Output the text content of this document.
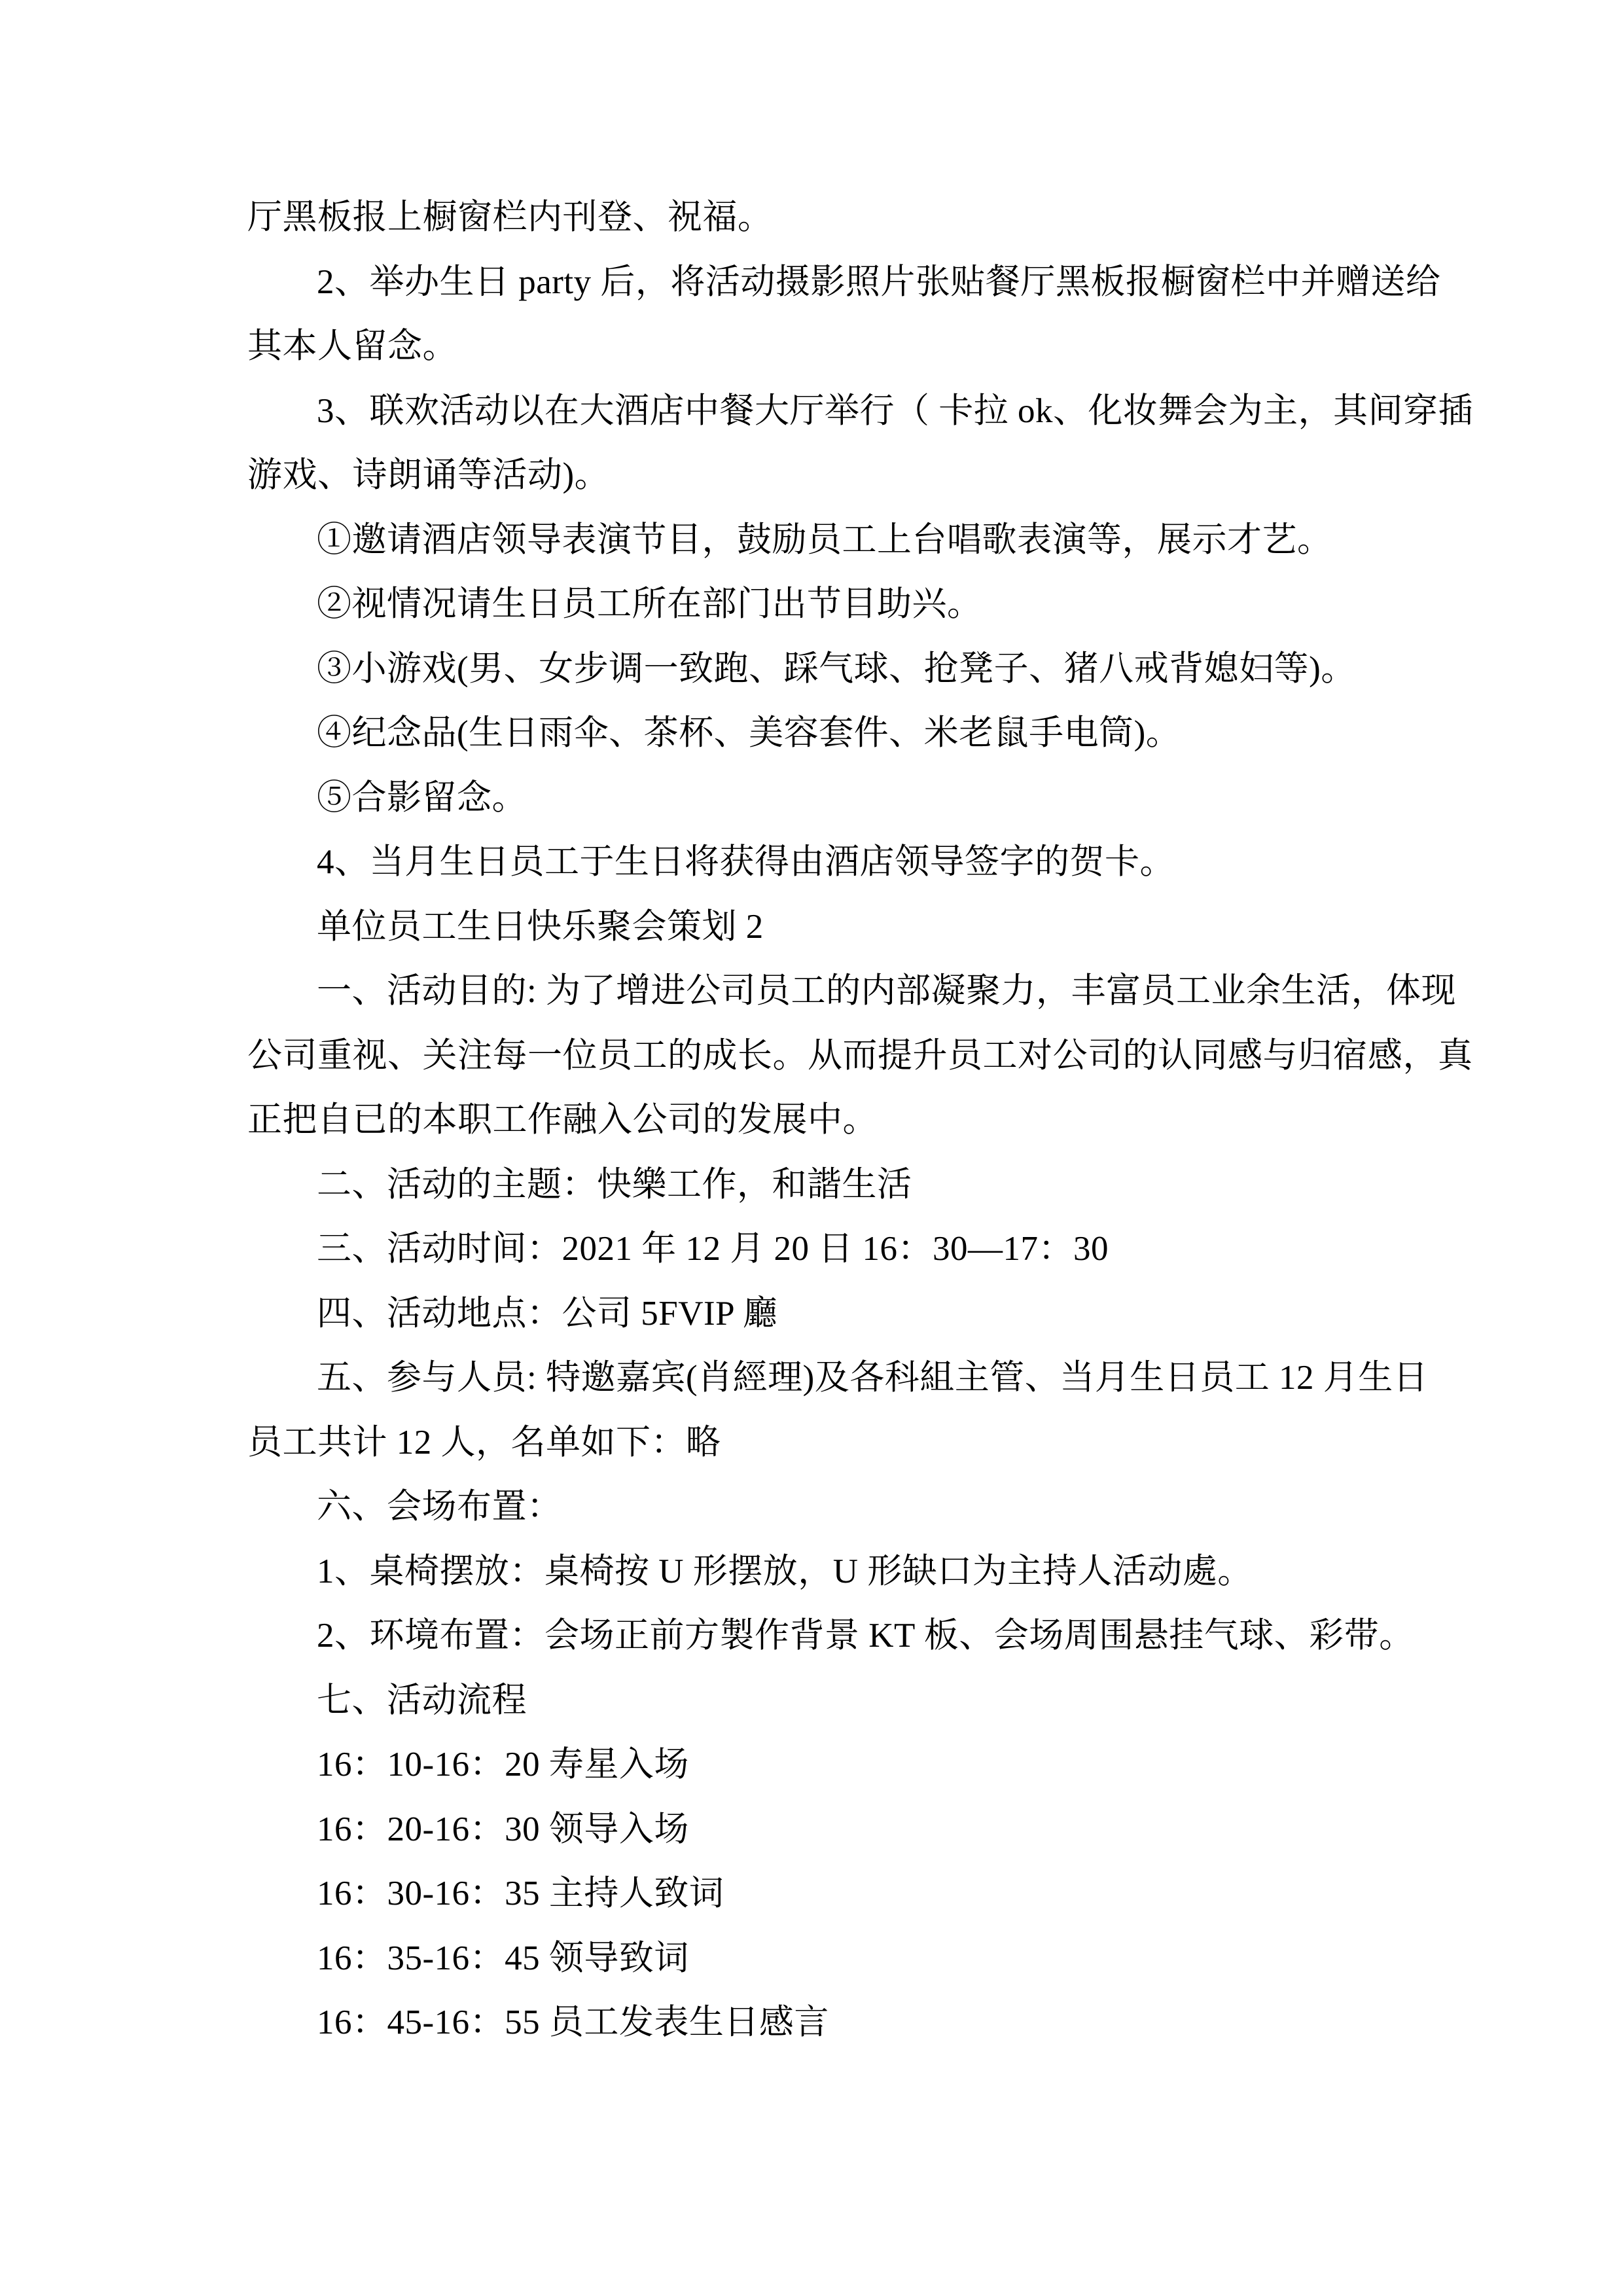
厅黑板报上橱窗栏内刊登、祝福。

2、举办生日 party 后，将活动摄影照片张贴餐厅黑板报橱窗栏中并赠送给

其本人留念。

3、联欢活动以在大酒店中餐大厅举行（ 卡拉 ok、化妆舞会为主，其间穿插

游戏、诗朗诵等活动)。

①邀请酒店领导表演节目，鼓励员工上台唱歌表演等，展示才艺。

②视情况请生日员工所在部门出节目助兴。

③小游戏(男、女步调一致跑、踩气球、抢凳子、猪八戒背媳妇等)。

④纪念品(生日雨伞、茶杯、美容套件、米老鼠手电筒)。

⑤合影留念。

4、当月生日员工于生日将获得由酒店领导签字的贺卡。

单位员工生日快乐聚会策划 2

一、活动目的: 为了增进公司员工的内部凝聚力，丰富员工业余生活，体现

公司重视、关注每一位员工的成长。从而提升员工对公司的认同感与归宿感，真

正把自已的本职工作融入公司的发展中。

二、活动的主题：快樂工作，和諧生活

三、活动时间：2021 年 12 月 20 日 16：30—17：30

四、活动地点：公司 5FVIP 廳

五、参与人员: 特邀嘉宾(肖經理)及各科組主管、当月生日员工 12 月生日

员工共计 12 人，名单如下：略

六、会场布置：

1、桌椅摆放：桌椅按 U 形摆放，U 形缺口为主持人活动處。

2、环境布置：会场正前方製作背景 KT 板、会场周围悬挂气球、彩带。

七、活动流程

16：10-16：20 寿星入场

16：20-16：30 领导入场

16：30-16：35 主持人致词

16：35-16：45 领导致词

16：45-16：55 员工发表生日感言
